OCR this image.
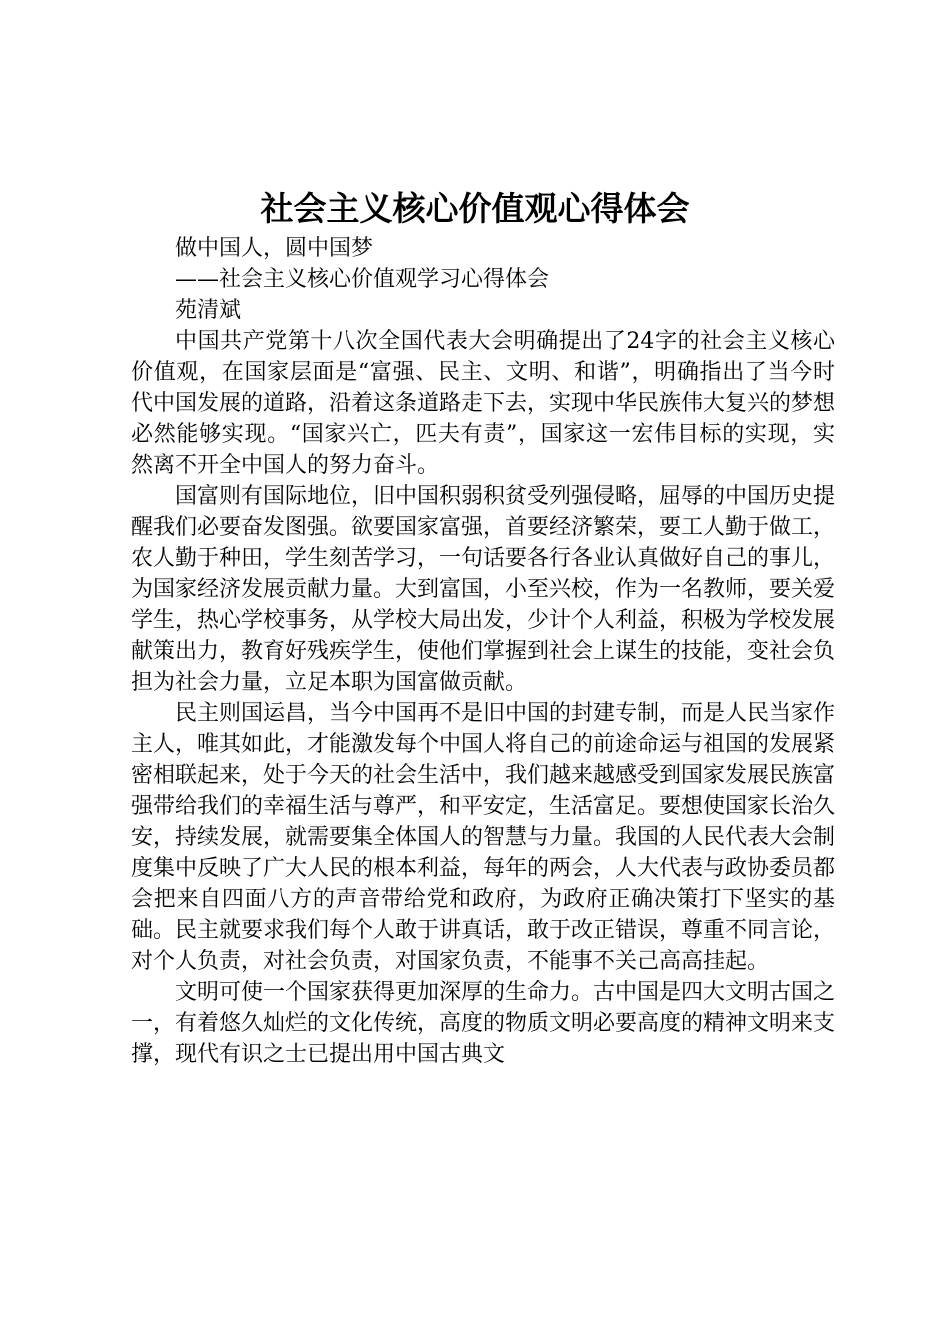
社会主义核心价值观心得体会

做中国人，圆中国梦

——社会主义核心价值观学习心得体会

苑清斌

中国共产党第十八次全国代表大会明确提出了24字的社会主义核心价值观，在国家层面是“富强、民主、文明、和谐”，明确指出了当今时代中国发展的道路，沿着这条道路走下去，实现中华民族伟大复兴的梦想必然能够实现。“国家兴亡，匹夫有责”，国家这一宏伟目标的实现，实然离不开全中国人的努力奋斗。

国富则有国际地位，旧中国积弱积贫受列强侵略，屈辱的中国历史提醒我们必要奋发图强。欲要国家富强，首要经济繁荣，要工人勤于做工，农人勤于种田，学生刻苦学习，一句话要各行各业认真做好自己的事儿，为国家经济发展贡献力量。大到富国，小至兴校，作为一名教师，要关爱学生，热心学校事务，从学校大局出发，少计个人利益，积极为学校发展献策出力，教育好残疾学生，使他们掌握到社会上谋生的技能，变社会负担为社会力量，立足本职为国富做贡献。

民主则国运昌，当今中国再不是旧中国的封建专制，而是人民当家作主人，唯其如此，才能激发每个中国人将自己的前途命运与祖国的发展紧密相联起来，处于今天的社会生活中，我们越来越感受到国家发展民族富强带给我们的幸福生活与尊严，和平安定，生活富足。要想使国家长治久安，持续发展，就需要集全体国人的智慧与力量。我国的人民代表大会制度集中反映了广大人民的根本利益，每年的两会，人大代表与政协委员都会把来自四面八方的声音带给党和政府，为政府正确决策打下坚实的基础。民主就要求我们每个人敢于讲真话，敢于改正错误，尊重不同言论，对个人负责，对社会负责，对国家负责，不能事不关己高高挂起。

文明可使一个国家获得更加深厚的生命力。古中国是四大文明古国之一，有着悠久灿烂的文化传统，高度的物质文明必要高度的精神文明来支撑，现代有识之士已提出用中国古典文
